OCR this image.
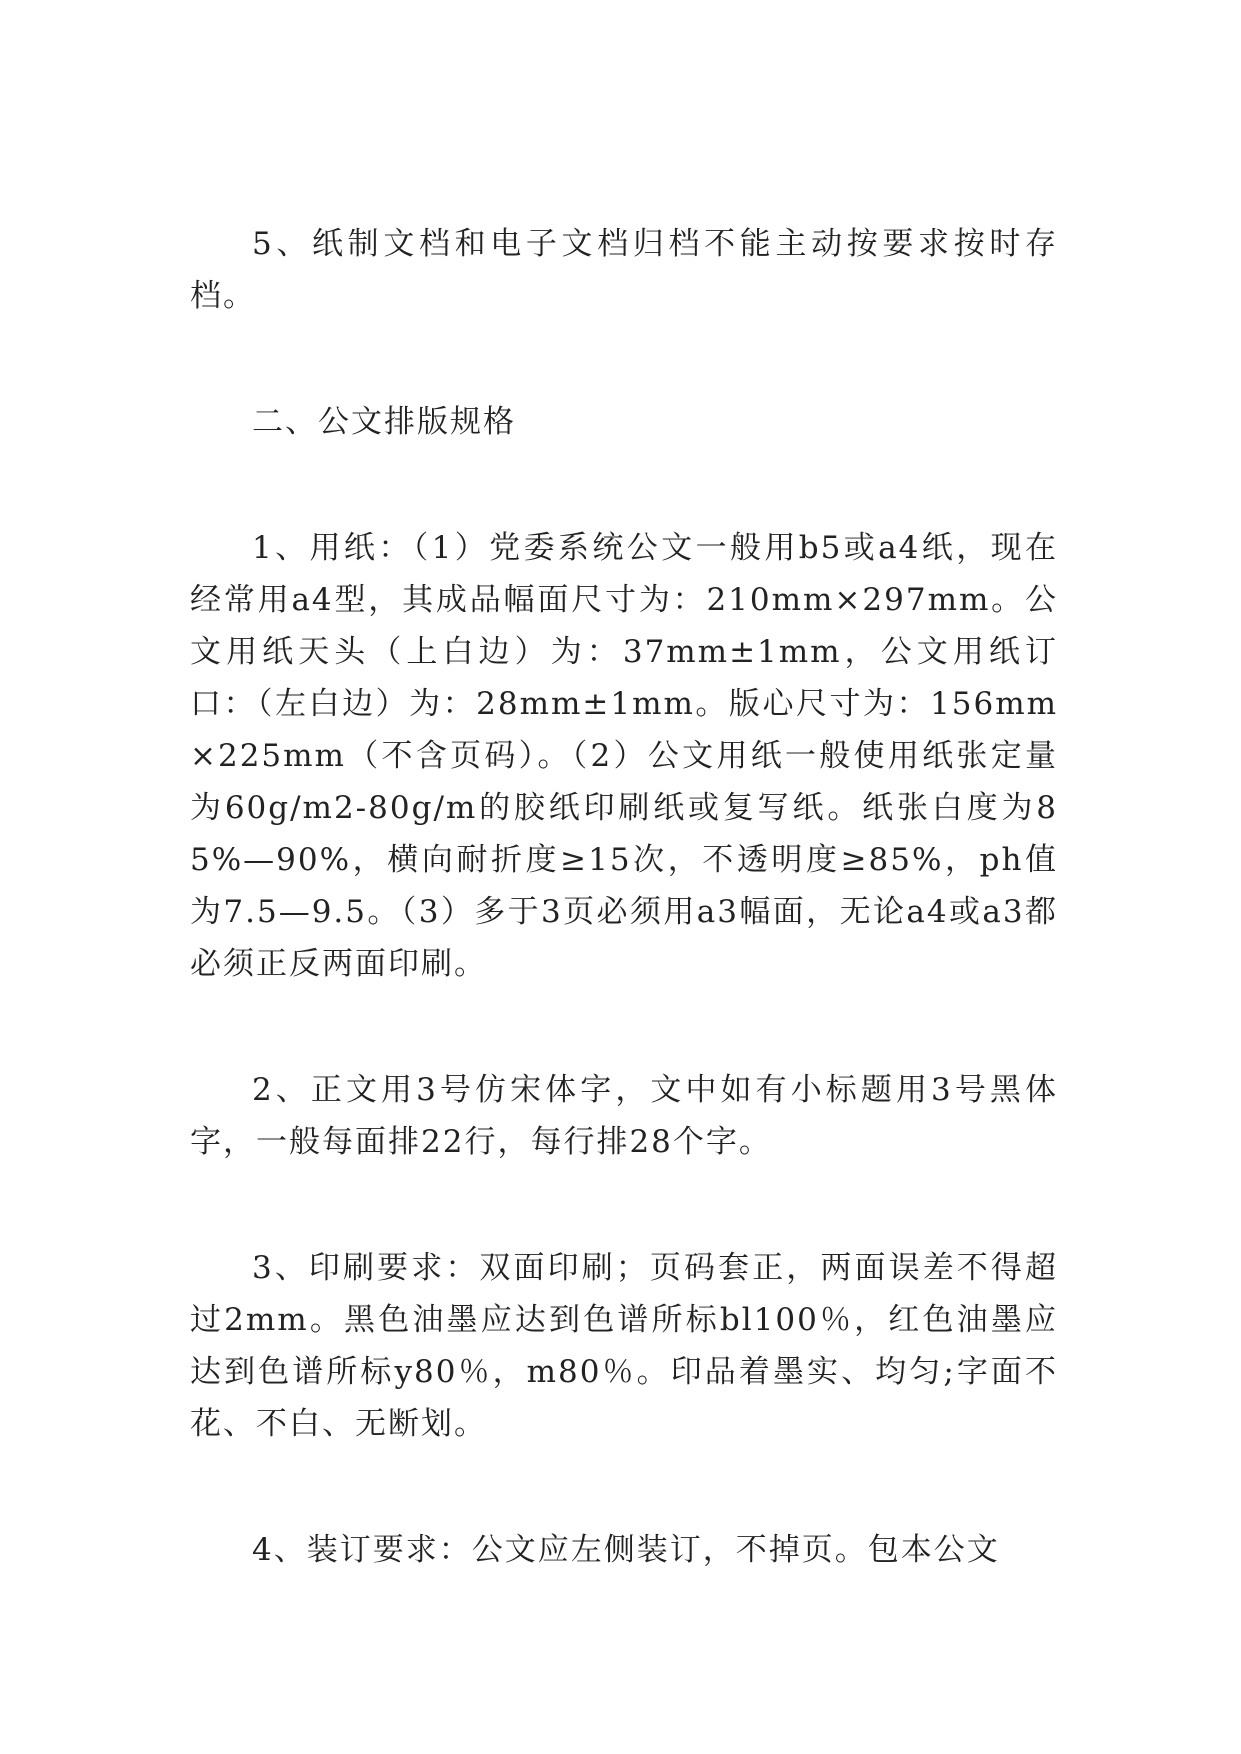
5、纸制文档和电子文档归档不能主动按要求按时存档。

二、公文排版规格

1、用纸：（1）党委系统公文一般用b5或a4纸，现在经常用a4型，其成品幅面尺寸为：210mm×297mm。公文用纸天头（上白边）为：37mm±1mm，公文用纸订口：（左白边）为：28mm±1mm。版心尺寸为：156mm×225mm（不含页码）。（2）公文用纸一般使用纸张定量为60g/m2-80g/m的胶纸印刷纸或复写纸。纸张白度为85%—90%，横向耐折度≥15次，不透明度≥85%，ph值为7.5—9.5。（3）多于3页必须用a3幅面，无论a4或a3都必须正反两面印刷。

2、正文用3号仿宋体字，文中如有小标题用3号黑体字，一般每面排22行，每行排28个字。

3、印刷要求：双面印刷；页码套正，两面误差不得超过2mm。黑色油墨应达到色谱所标bl100％，红色油墨应达到色谱所标y80％，m80％。印品着墨实、均匀;字面不花、不白、无断划。

4、装订要求：公文应左侧装订，不掉页。包本公文
